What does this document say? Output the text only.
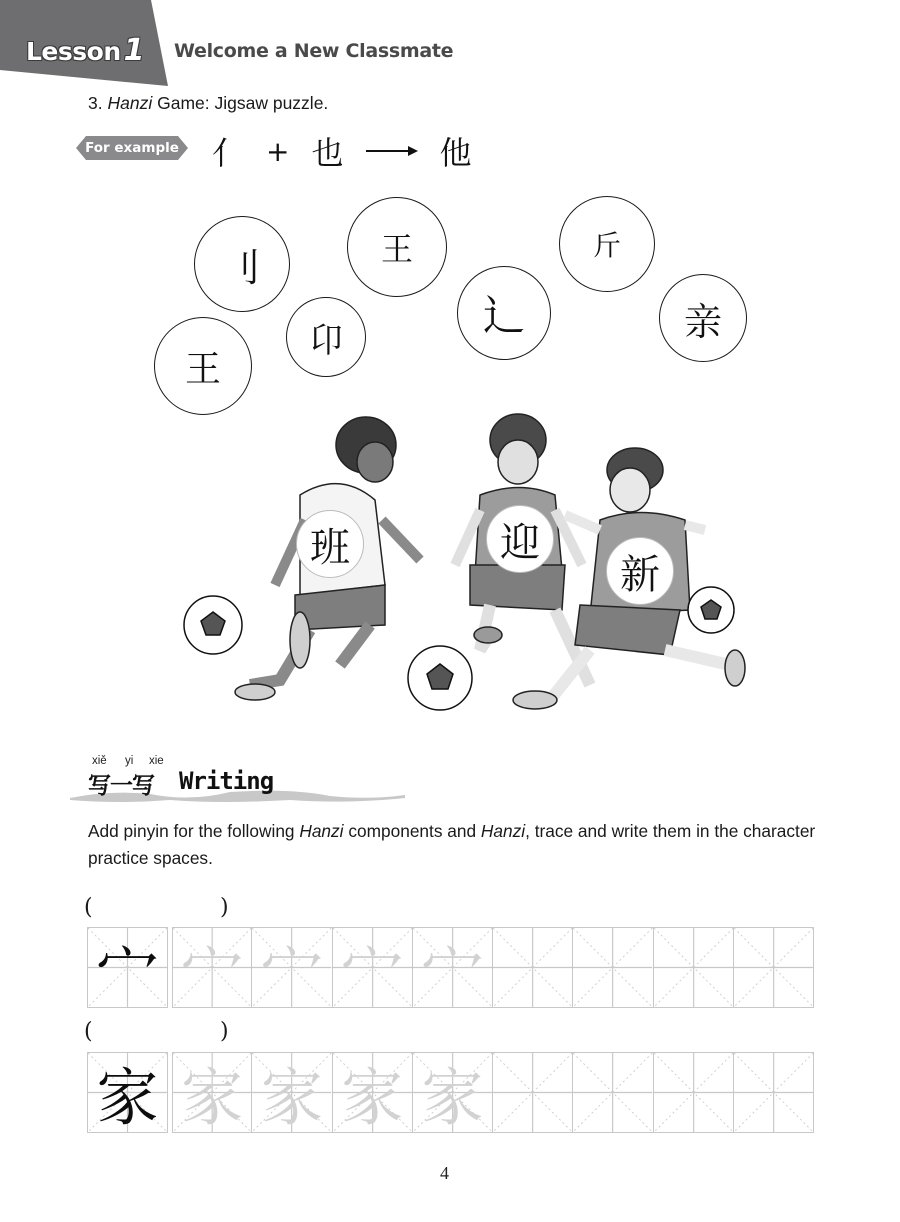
Lesson 1 Welcome a New Classmate
3. Hanzi Game: Jigsaw puzzle.
For example 亻 + 也	他
刂	王
王
卬
辶
斤
亲
班	迎
新
xiě yi xie
写一写 Writing
Add pinyin for the following Hanzi components and Hanzi, trace and write them in the character practice spaces.
(	)
宀 宀 宀 宀 宀
(	)
家 家 家 家 家
4
